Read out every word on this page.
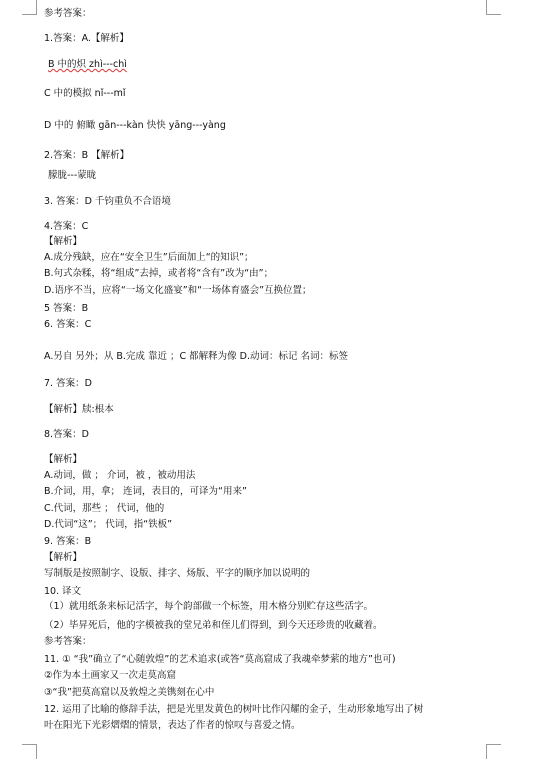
参考答案：
1.答案：A.【解析】
B 中的炽 zhì---chì
C 中的模拟 nǐ---mǐ
D 中的 俯瞰 gān---kàn 快快 yāng---yàng
2.答案：B 【解析】
朦胧---蒙眬
3. 答案：D 千钧重负不合语境
4.答案：C
【解析】
A.成分残缺，应在“安全卫生”后面加上“的知识”；
B.句式杂糅，将“组成”去掉，或者将“含有”改为“由”；
D.语序不当，应将“一场文化盛宴”和“一场体育盛会”互换位置；
5 答案：B
6. 答案：C
A.另自 另外；从 B.完成 靠近 ；C 都解释为像 D.动词：标记 名词：标签
7. 答案：D
【解析】牍:根本
8.答案：D
【解析】
A.动词，做 ； 介词，被 ，被动用法
B.介词，用，拿； 连词，表目的，可译为“用来”
C.代词，那些 ； 代词，他的
D.代词“这”； 代词，指“铁板”
9. 答案：B
【解析】
写制版是按照制字、设版、排字、炀版、平字的顺序加以说明的
10. 译文
（1）就用纸条来标记活字，每个韵部做一个标签，用木格分别贮存这些活字。
（2）毕昇死后，他的字模被我的堂兄弟和侄儿们得到，到今天还珍贵的收藏着。
参考答案：
11. ① “我”确立了“心随敦煌”的艺术追求(或答“莫高窟成了我魂牵梦萦的地方”也可)
②作为本土画家又一次走莫高窟
③“我”把莫高窟以及敦煌之美镌刻在心中
12. 运用了比喻的修辞手法，把是光里发黄色的树叶比作闪耀的金子，生动形象地写出了树
叶在阳光下光彩熠熠的情景，表达了作者的惊叹与喜爱之情。
